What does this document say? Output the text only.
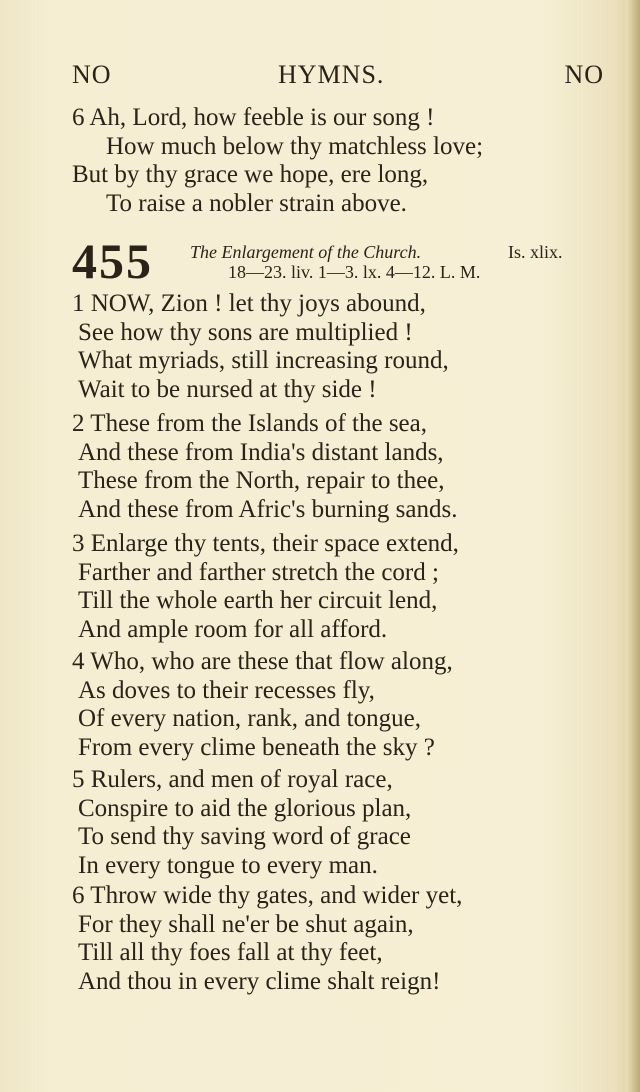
NO	HYMNS.	NO
6 Ah, Lord, how feeble is our song !
How much below thy matchless love;
But by thy grace we hope, ere long,
To raise a nobler strain above.
455 The Enlargement of the Church.	Is. xlix.
18—23. liv. 1—3. lx. 4—12. L. M.
1 NOW, Zion ! let thy joys abound,
See how thy sons are multiplied !
What myriads, still increasing round,
Wait to be nursed at thy side !
2 These from the Islands of the sea,
And these from India's distant lands,
These from the North, repair to thee,
And these from Afric's burning sands.
3 Enlarge thy tents, their space extend,
Farther and farther stretch the cord ;
Till the whole earth her circuit lend,
And ample room for all afford.
4 Who, who are these that flow along,
As doves to their recesses fly,
Of every nation, rank, and tongue,
From every clime beneath the sky ?
5 Rulers, and men of royal race,
Conspire to aid the glorious plan,
To send thy saving word of grace
In every tongue to every man.
6 Throw wide thy gates, and wider yet,
For they shall ne'er be shut again,
Till all thy foes fall at thy feet,
And thou in every clime shalt reign!
